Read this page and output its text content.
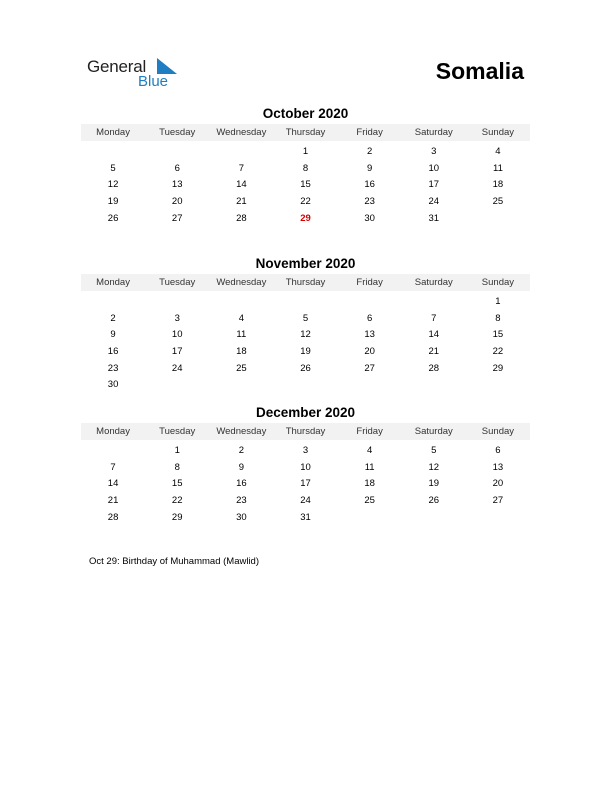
General
Blue	Somalia
October 2020
Monday	Tuesday	Wednesday	Thursday	Friday	Saturday	Sunday
			1	2	3	4
5	6	7	8	9	10	11
12	13	14	15	16	17	18
19	20	21	22	23	24	25
26	27	28	29	30	31	
November 2020
Monday	Tuesday	Wednesday	Thursday	Friday	Saturday	Sunday
						1
2	3	4	5	6	7	8
9	10	11	12	13	14	15
16	17	18	19	20	21	22
23	24	25	26	27	28	29
30						
December 2020
Monday	Tuesday	Wednesday	Thursday	Friday	Saturday	Sunday
	1	2	3	4	5	6
7	8	9	10	11	12	13
14	15	16	17	18	19	20
21	22	23	24	25	26	27
28	29	30	31			
Oct 29: Birthday of Muhammad (Mawlid)
